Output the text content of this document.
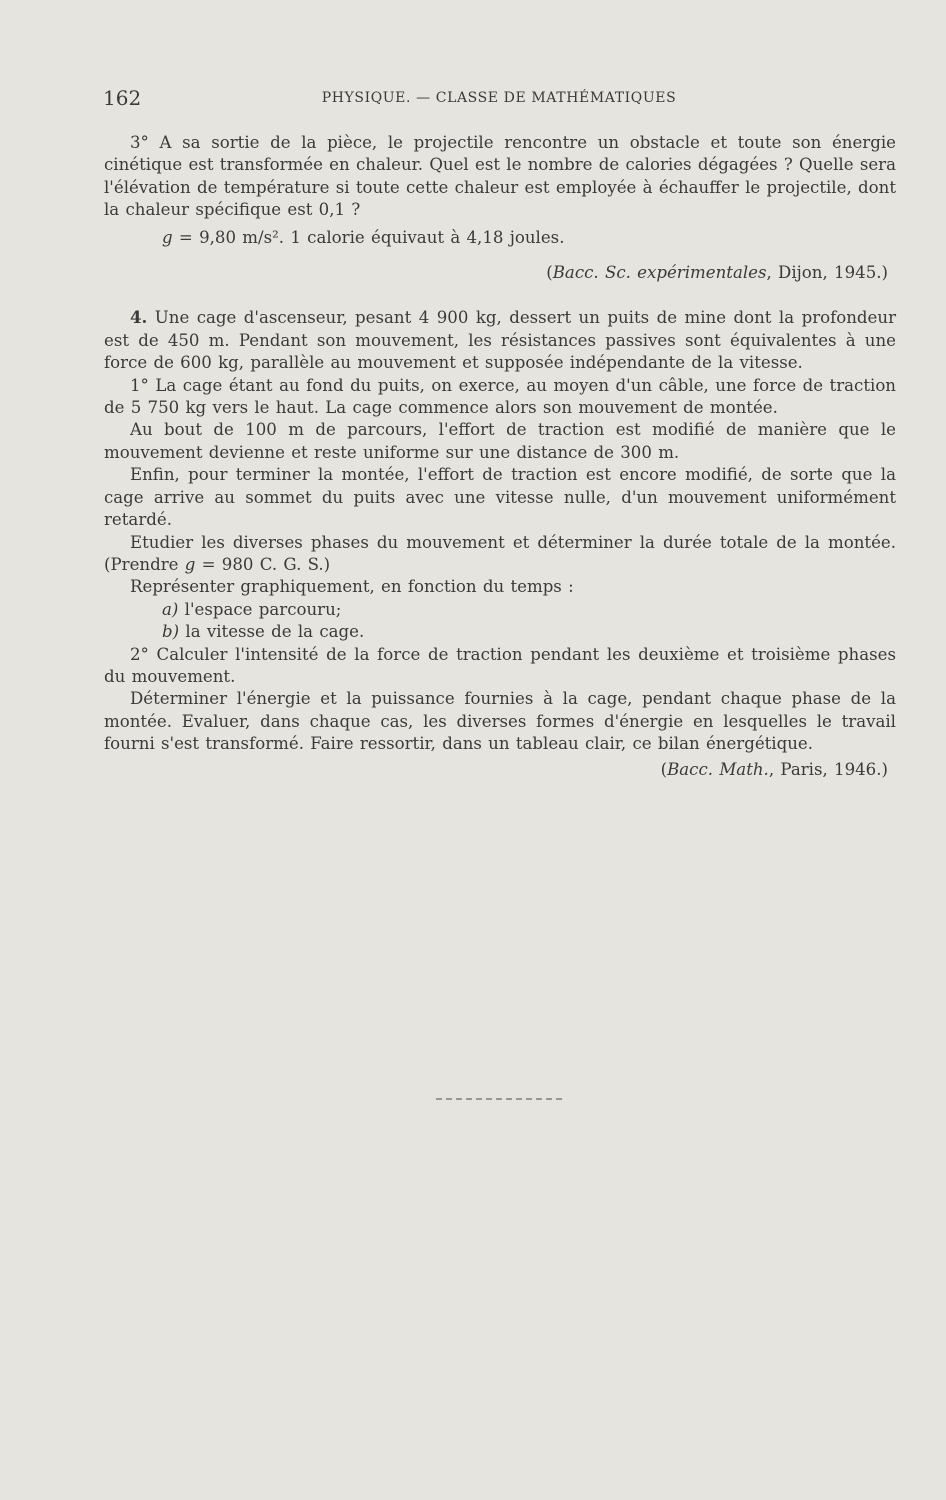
162	PHYSIQUE. — CLASSE DE MATHÉMATIQUES

3° A sa sortie de la pièce, le projectile rencontre un obstacle et toute son énergie cinétique est transformée en chaleur. Quel est le nombre de calories dégagées ? Quelle sera l'élévation de température si toute cette chaleur est employée à échauffer le projectile, dont la chaleur spécifique est 0,1 ?

g = 9,80 m/s². 1 calorie équivaut à 4,18 joules.

(Bacc. Sc. expérimentales, Dijon, 1945.)

4. Une cage d'ascenseur, pesant 4 900 kg, dessert un puits de mine dont la profondeur est de 450 m. Pendant son mouvement, les résistances passives sont équivalentes à une force de 600 kg, parallèle au mouvement et supposée indépendante de la vitesse.

1° La cage étant au fond du puits, on exerce, au moyen d'un câble, une force de traction de 5 750 kg vers le haut. La cage commence alors son mouvement de montée.

Au bout de 100 m de parcours, l'effort de traction est modifié de manière que le mouvement devienne et reste uniforme sur une distance de 300 m.

Enfin, pour terminer la montée, l'effort de traction est encore modifié, de sorte que la cage arrive au sommet du puits avec une vitesse nulle, d'un mouvement uniformément retardé.

Etudier les diverses phases du mouvement et déterminer la durée totale de la montée. (Prendre g = 980 C. G. S.)

Représenter graphiquement, en fonction du temps :

a) l'espace parcouru;

b) la vitesse de la cage.

2° Calculer l'intensité de la force de traction pendant les deuxième et troisième phases du mouvement.

Déterminer l'énergie et la puissance fournies à la cage, pendant chaque phase de la montée. Evaluer, dans chaque cas, les diverses formes d'énergie en lesquelles le travail fourni s'est transformé. Faire ressortir, dans un tableau clair, ce bilan énergétique.

(Bacc. Math., Paris, 1946.)
